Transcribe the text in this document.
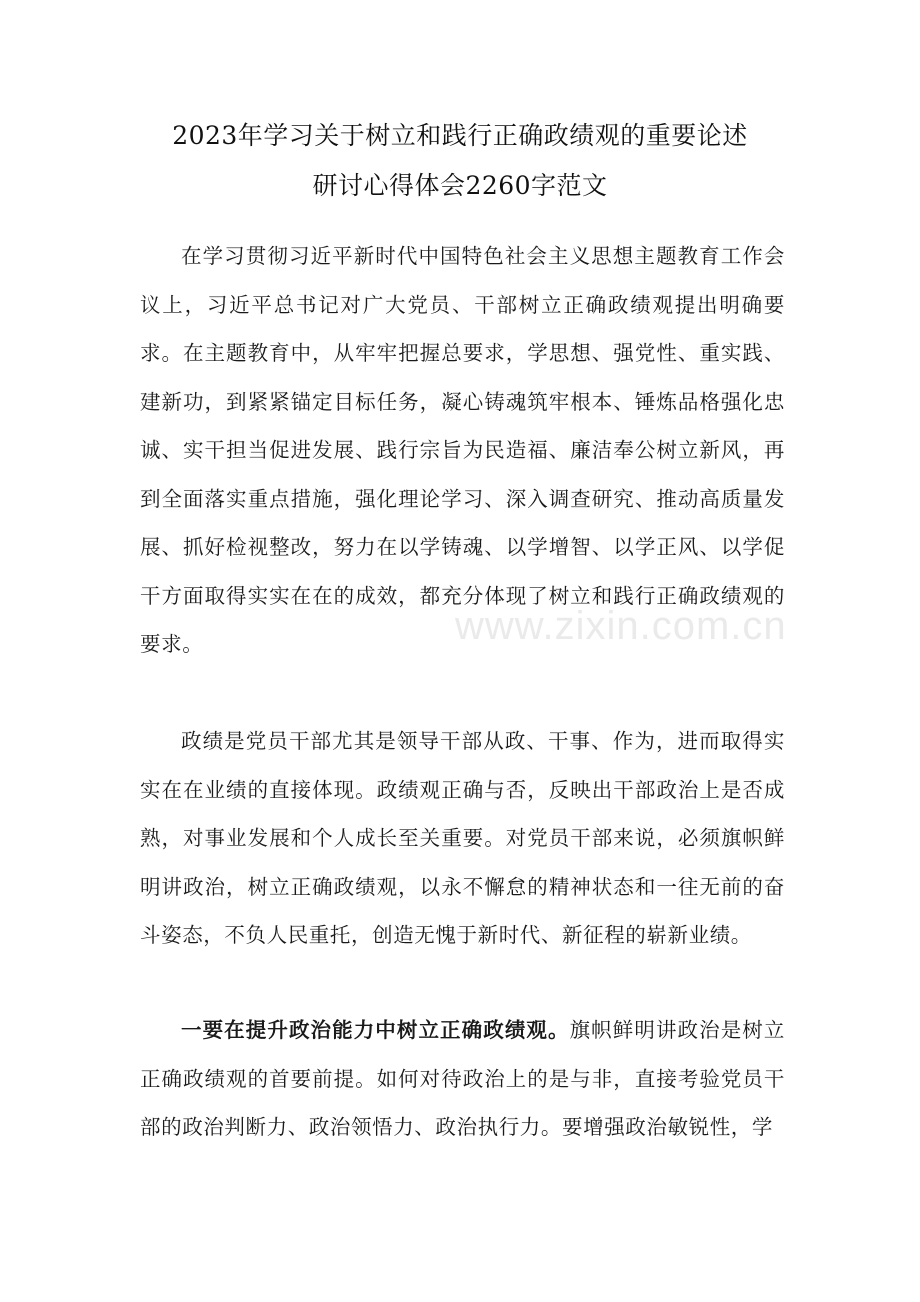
2023年学习关于树立和践行正确政绩观的重要论述
研讨心得体会2260字范文

在学习贯彻习近平新时代中国特色社会主义思想主题教育工作会议上，习近平总书记对广大党员、干部树立正确政绩观提出明确要求。在主题教育中，从牢牢把握总要求，学思想、强党性、重实践、建新功，到紧紧锚定目标任务，凝心铸魂筑牢根本、锤炼品格强化忠诚、实干担当促进发展、践行宗旨为民造福、廉洁奉公树立新风，再到全面落实重点措施，强化理论学习、深入调查研究、推动高质量发展、抓好检视整改，努力在以学铸魂、以学增智、以学正风、以学促干方面取得实实在在的成效，都充分体现了树立和践行正确政绩观的要求。

政绩是党员干部尤其是领导干部从政、干事、作为，进而取得实实在在业绩的直接体现。政绩观正确与否，反映出干部政治上是否成熟，对事业发展和个人成长至关重要。对党员干部来说，必须旗帜鲜明讲政治，树立正确政绩观，以永不懈怠的精神状态和一往无前的奋斗姿态，不负人民重托，创造无愧于新时代、新征程的崭新业绩。

一要在提升政治能力中树立正确政绩观。旗帜鲜明讲政治是树立正确政绩观的首要前提。如何对待政治上的是与非，直接考验党员干部的政治判断力、政治领悟力、政治执行力。要增强政治敏锐性，学

www.zixin.com.cn
